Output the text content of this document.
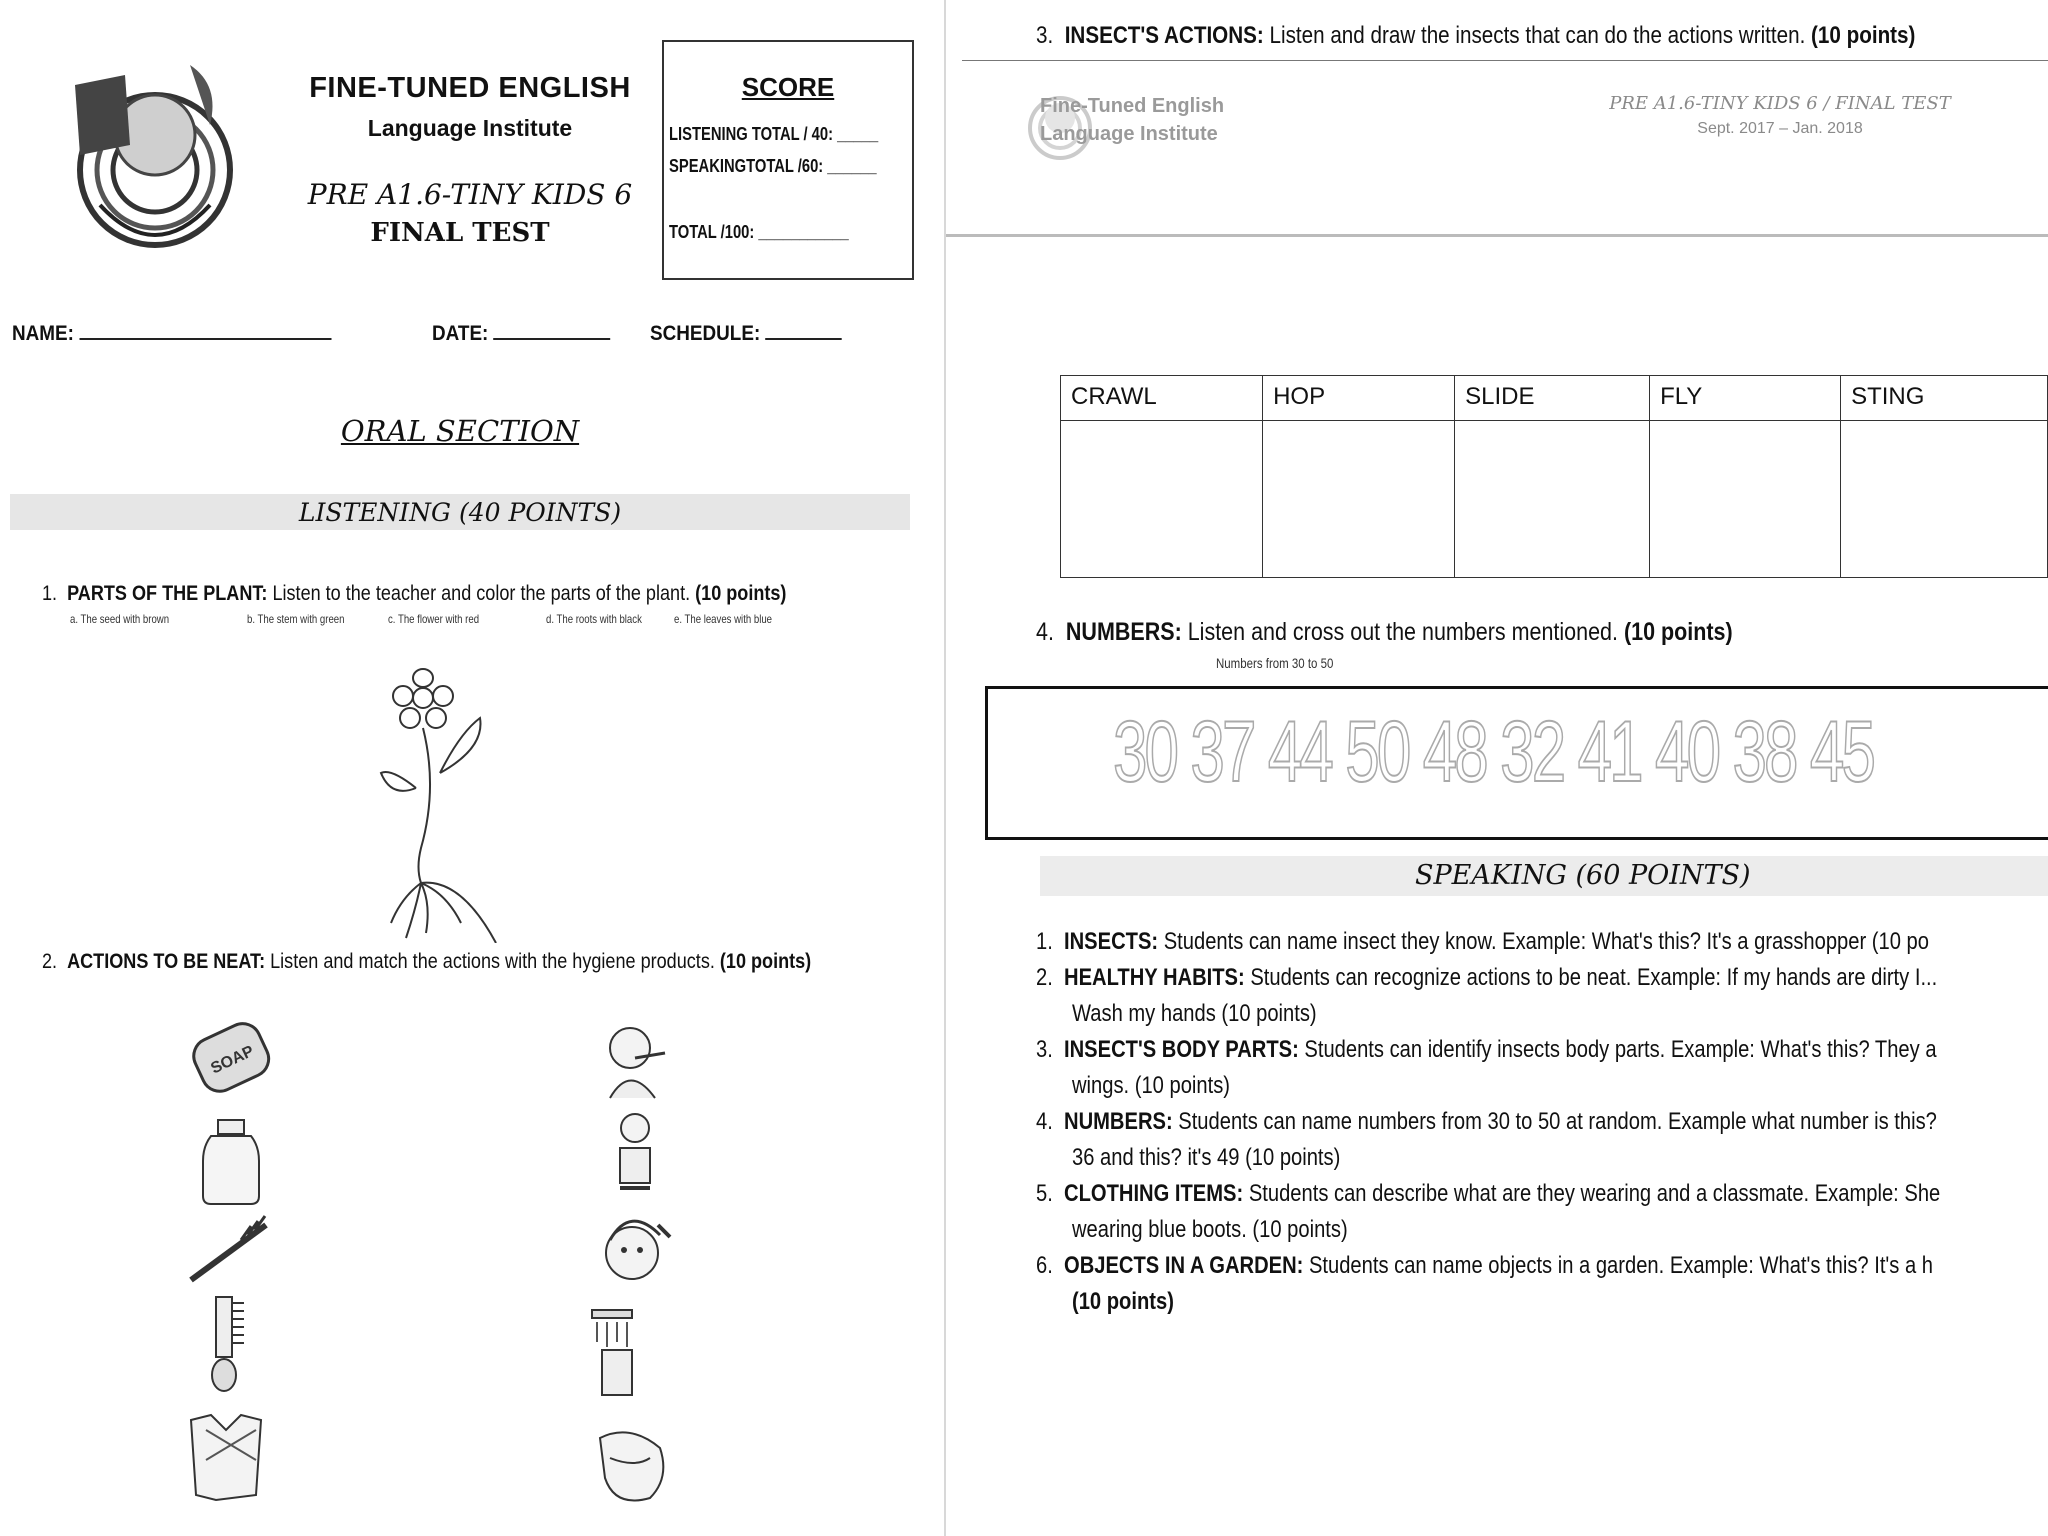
FINE-TUNED ENGLISH
Language Institute
PRE A1.6-TINY KIDS 6
FINAL TEST
SCORE
LISTENING TOTAL / 40: _____
SPEAKINGTOTAL /60: ______
TOTAL /100: ___________
NAME:	DATE:	SCHEDULE:
ORAL SECTION
LISTENING (40 POINTS)
1. PARTS OF THE PLANT: Listen to the teacher and color the parts of the plant. (10 points)
a. The seed with brown	b. The stem with green	c. The flower with red	d. The roots with black	e. The leaves with blue
2. ACTIONS TO BE NEAT: Listen and match the actions with the hygiene products. (10 points)
SOAP
3. INSECT'S ACTIONS: Listen and draw the insects that can do the actions written. (10 points)
Fine-Tuned English
Language Institute
PRE A1.6-TINY KIDS 6 / FINAL TEST
Sept. 2017 – Jan. 2018
CRAWL	HOP	SLIDE	FLY	STING

4. NUMBERS: Listen and cross out the numbers mentioned. (10 points)
Numbers from 30 to 50
30 37 44 50 48 32 41 40 38 45
SPEAKING (60 POINTS)
1. INSECTS: Students can name insect they know. Example: What's this? It's a grasshopper (10 po
2. HEALTHY HABITS: Students can recognize actions to be neat. Example: If my hands are dirty I...
Wash my hands (10 points)
3. INSECT'S BODY PARTS: Students can identify insects body parts. Example: What's this? They a
wings. (10 points)
4. NUMBERS: Students can name numbers from 30 to 50 at random. Example what number is this?
36 and this? it's 49 (10 points)
5. CLOTHING ITEMS: Students can describe what are they wearing and a classmate. Example: She
wearing blue boots. (10 points)
6. OBJECTS IN A GARDEN: Students can name objects in a garden. Example: What's this? It's a h
(10 points)
